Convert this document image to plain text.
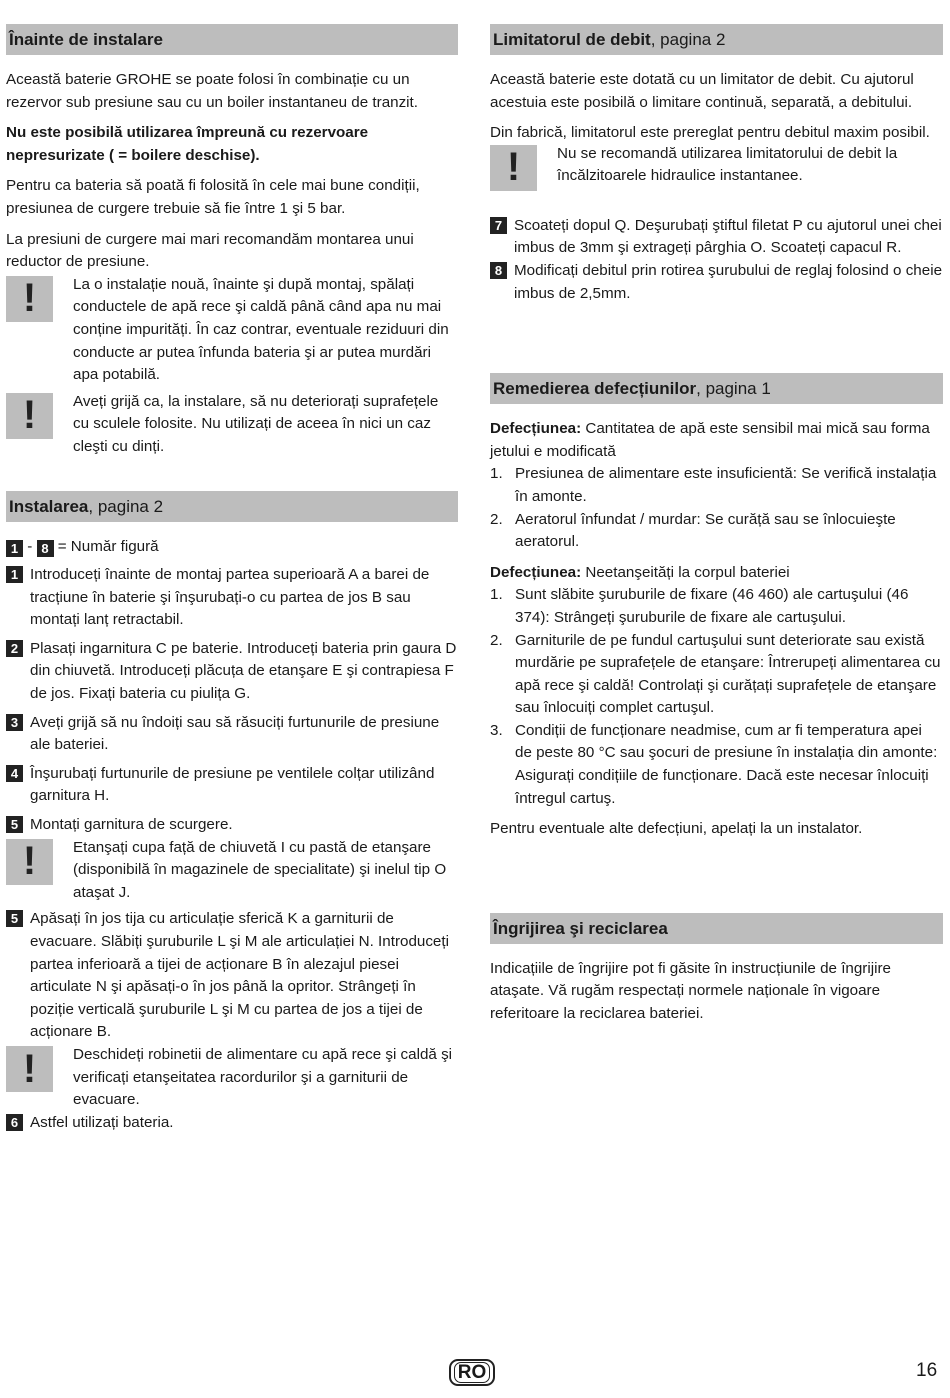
Înainte de instalare

Această baterie GROHE se poate folosi în combinație cu un rezervor sub presiune sau cu un boiler instantaneu de tranzit.

Nu este posibilă utilizarea împreună cu rezervoare nepresurizate ( = boilere deschise).

Pentru ca bateria să poată fi folosită în cele mai bune condiții, presiunea de curgere trebuie să fie între 1 şi 5 bar.

La presiuni de curgere mai mari recomandăm montarea unui reductor de presiune.

!	La o instalație nouă, înainte şi după montaj, spălați conductele de apă rece şi caldă până când apa nu mai conține impurități. În caz contrar, eventuale reziduuri din conducte ar putea înfunda bateria şi ar putea murdări apa potabilă.
!	Aveți grijă ca, la instalare, să nu deteriorați suprafețele cu sculele folosite. Nu utilizați de aceea în nici un caz cleşti cu dinți.
Instalarea, pagina 2
1 - 8 = Număr figură
1 Introduceți înainte de montaj partea superioară A a barei de tracțiune în baterie şi înşurubați-o cu partea de jos B sau montați lanț retractabil.
2 Plasați ingarnitura C pe baterie. Introduceți bateria prin gaura D din chiuvetă. Introduceți plăcuța de etanşare E şi contrapiesa F de jos. Fixați bateria cu piulița G.
3 Aveți grijă să nu îndoiți sau să răsuciți furtunurile de presiune ale bateriei.
4 Înşurubați furtunurile de presiune pe ventilele colțar utilizând garnitura H.
5 Montați garnitura de scurgere.
!	Etanşați cupa față de chiuvetă I cu pastă de etanşare (disponibilă în magazinele de specialitate) şi inelul tip O ataşat J.
5 Apăsați în jos tija cu articulație sferică K a garniturii de evacuare. Slăbiți şuruburile L şi M ale articulației N. Introduceți partea inferioară a tijei de acționare B în alezajul piesei articulate N şi apăsați-o în jos până la opritor. Strângeți în poziție verticală şuruburile L şi M cu partea de jos a tijei de acționare B.
!	Deschideți robinetii de alimentare cu apă rece şi caldă şi verificați etanşeitatea racordurilor şi a garniturii de evacuare.
6 Astfel utilizați bateria.
Limitatorul de debit, pagina 2

Această baterie este dotată cu un limitator de debit. Cu ajutorul acestuia este posibilă o limitare continuă, separată, a debitului.

Din fabrică, limitatorul este prereglat pentru debitul maxim posibil.

!	Nu se recomandă utilizarea limitatorului de debit la încălzitoarele hidraulice instantanee.
7 Scoateți dopul Q. Deşurubați ştiftul filetat P cu ajutorul unei chei imbus de 3mm şi extrageți pârghia O. Scoateți capacul R.
8 Modificați debitul prin rotirea şurubului de reglaj folosind o cheie imbus de 2,5mm.
Remedierea defecțiunilor, pagina 1

Defecțiunea: Cantitatea de apă este sensibil mai mică sau forma jetului e modificată

1. Presiunea de alimentare este insuficientă: Se verifică instalația în amonte.
2. Aeratorul înfundat / murdar: Se curăță sau se înlocuieşte aeratorul.

Defecțiunea: Neetanşeități la corpul bateriei

1. Sunt slăbite şuruburile de fixare (46 460) ale cartuşului (46 374): Strângeți şuruburile de fixare ale cartuşului.
2. Garniturile de pe fundul cartuşului sunt deteriorate sau există murdărie pe suprafețele de etanşare: Întrerupeți alimentarea cu apă rece şi caldă! Controlați şi curățați suprafețele de etanşare sau înlocuiți complet cartuşul.
3. Condiții de funcționare neadmise, cum ar fi temperatura apei de peste 80 °C sau şocuri de presiune în instalația din amonte: Asigurați condițiile de funcționare. Dacă este necesar înlocuiți întregul cartuş.

Pentru eventuale alte defecțiuni, apelați la un instalator.

Îngrijirea şi reciclarea

Indicațiile de îngrijire pot fi găsite în instrucțiunile de îngrijire ataşate. Vă rugăm respectați normele naționale în vigoare referitoare la reciclarea bateriei.

RO	16
